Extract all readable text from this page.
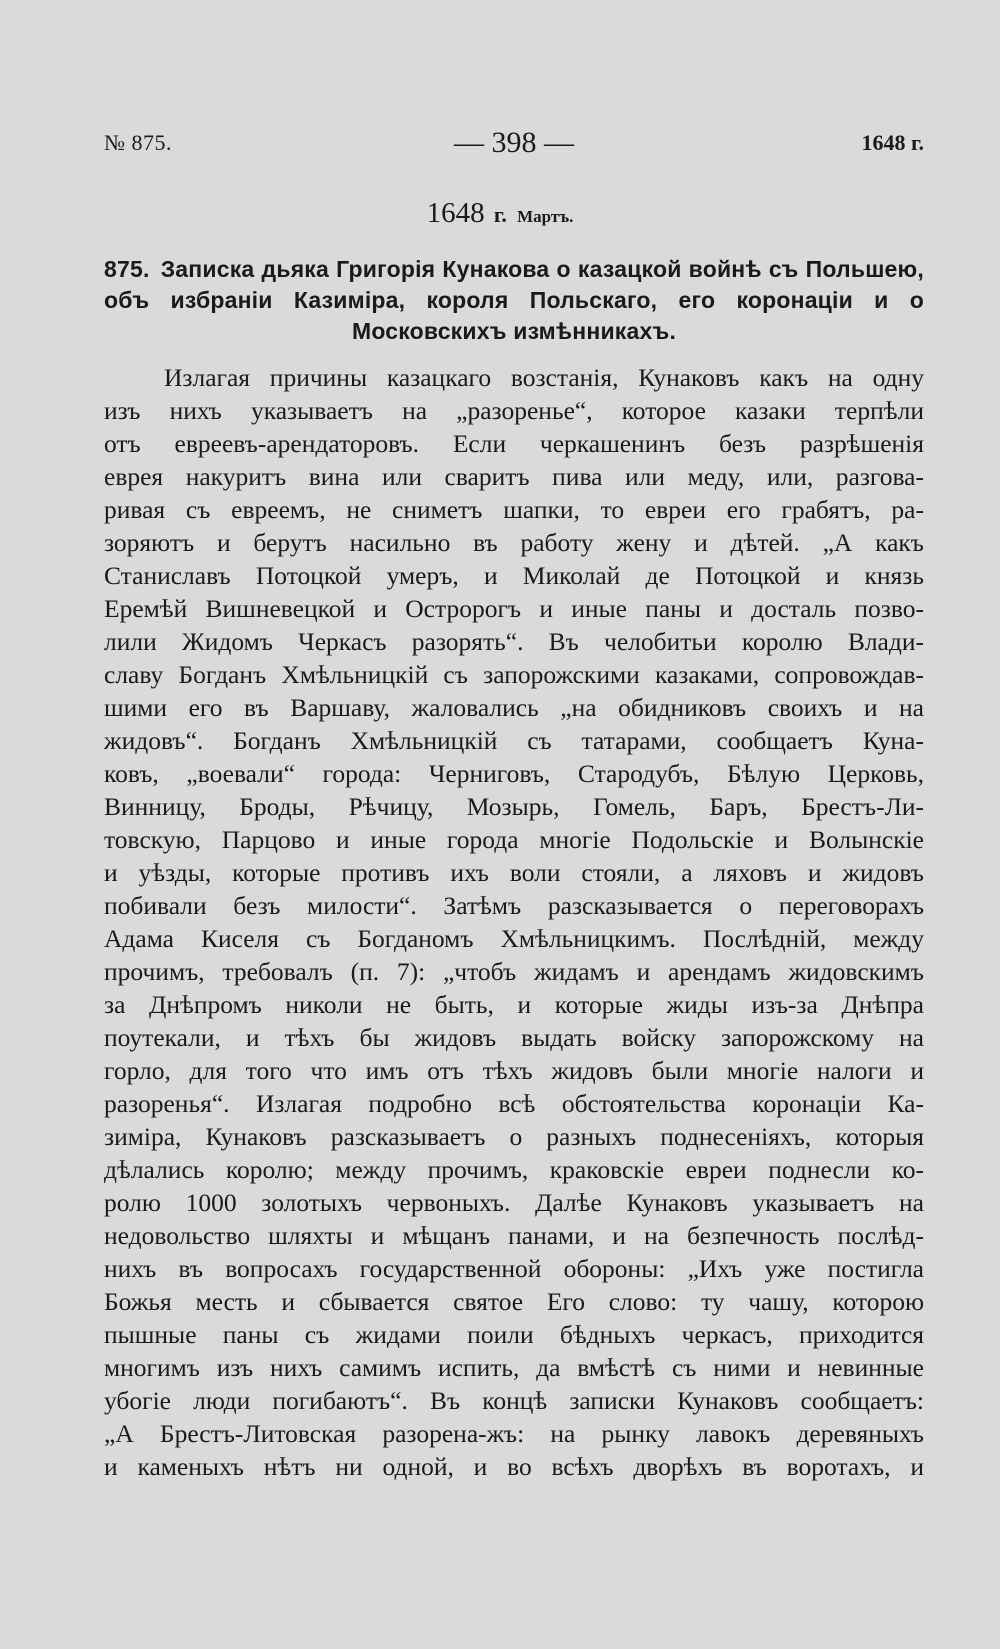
№ 875.	— 398 —	1648 г.
1648 г. Мартъ.
875. Записка дьяка Григорія Кунакова о казацкой войнѣ съ Польшею, объ избраніи Казиміра, короля Польскаго, его коронаціи и о Московскихъ измѣнникахъ.
Излагая причины казацкаго возстанія, Кунаковъ какъ на одну
изъ нихъ указываетъ на „разоренье“, которое казаки терпѣли
отъ евреевъ-арендаторовъ. Если черкашенинъ безъ разрѣшенія
еврея накуритъ вина или сваритъ пива или меду, или, разгова-
ривая съ евреемъ, не сниметъ шапки, то евреи его грабятъ, ра-
зоряютъ и берутъ насильно въ работу жену и дѣтей. „А какъ
Станиславъ Потоцкой умеръ, и Миколай де Потоцкой и князь
Еремѣй Вишневецкой и Остророгъ и иные паны и досталь позво-
лили Жидомъ Черкасъ разорять“. Въ челобитьи королю Влади-
славу Богданъ Хмѣльницкій съ запорожскими казаками, сопровождав-
шими его въ Варшаву, жаловались „на обидниковъ своихъ и на
жидовъ“. Богданъ Хмѣльницкій съ татарами, сообщаетъ Куна-
ковъ, „воевали“ города: Черниговъ, Стародубъ, Бѣлую Церковь,
Винницу, Броды, Рѣчицу, Мозырь, Гомель, Баръ, Брестъ-Ли-
товскую, Парцово и иные города многіе Подольскіе и Волынскіе
и уѣзды, которые противъ ихъ воли стояли, а ляховъ и жидовъ
побивали безъ милости“. Затѣмъ разсказывается о переговорахъ
Адама Киселя съ Богданомъ Хмѣльницкимъ. Послѣдній, между
прочимъ, требовалъ (п. 7): „чтобъ жидамъ и арендамъ жидовскимъ
за Днѣпромъ николи не быть, и которые жиды изъ-за Днѣпра
поутекали, и тѣхъ бы жидовъ выдать войску запорожскому на
горло, для того что имъ отъ тѣхъ жидовъ были многіе налоги и
разоренья“. Излагая подробно всѣ обстоятельства коронаціи Ка-
зиміра, Кунаковъ разсказываетъ о разныхъ поднесеніяхъ, которыя
дѣлались королю; между прочимъ, краковскіе евреи поднесли ко-
ролю 1000 золотыхъ червоныхъ. Далѣе Кунаковъ указываетъ на
недовольство шляхты и мѣщанъ панами, и на безпечность послѣд-
нихъ въ вопросахъ государственной обороны: „Ихъ уже постигла
Божья месть и сбывается святое Его слово: ту чашу, которою
пышные паны съ жидами поили бѣдныхъ черкасъ, приходится
многимъ изъ нихъ самимъ испить, да вмѣстѣ съ ними и невинные
убогіе люди погибаютъ“. Въ концѣ записки Кунаковъ сообщаетъ:
„А Брестъ-Литовская разорена-жъ: на рынку лавокъ деревяныхъ
и каменыхъ нѣтъ ни одной, и во всѣхъ дворѣхъ въ воротахъ, и
